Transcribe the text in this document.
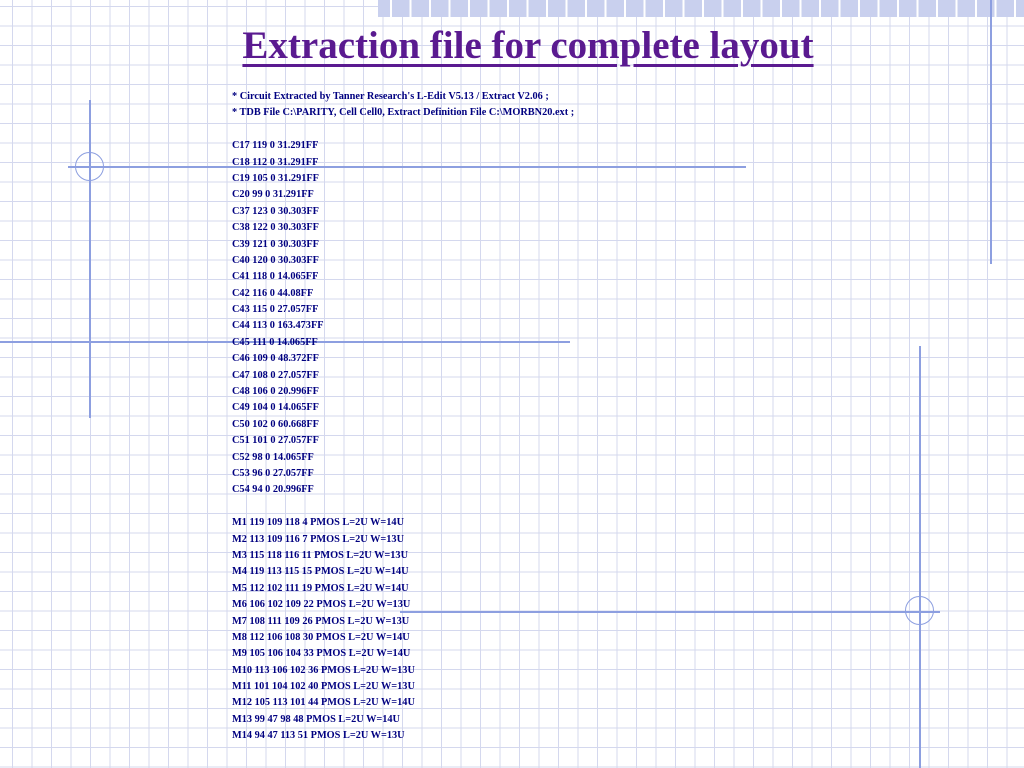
Extraction file for complete layout
* Circuit Extracted by Tanner Research's L-Edit V5.13 / Extract V2.06 ;
* TDB File C:\PARITY, Cell Cell0, Extract Definition File C:\MORBN20.ext ;
C17 119 0 31.291FF
C18 112 0 31.291FF
C19 105 0 31.291FF
C20 99 0 31.291FF
C37 123 0 30.303FF
C38 122 0 30.303FF
C39 121 0 30.303FF
C40 120 0 30.303FF
C41 118 0 14.065FF
C42 116 0 44.08FF
C43 115 0 27.057FF
C44 113 0 163.473FF
C45 111 0 14.065FF
C46 109 0 48.372FF
C47 108 0 27.057FF
C48 106 0 20.996FF
C49 104 0 14.065FF
C50 102 0 60.668FF
C51 101 0 27.057FF
C52 98 0 14.065FF
C53 96 0 27.057FF
C54 94 0 20.996FF
M1 119 109 118 4 PMOS L=2U W=14U
M2 113 109 116 7 PMOS L=2U W=13U
M3 115 118 116 11 PMOS L=2U W=13U
M4 119 113 115 15 PMOS L=2U W=14U
M5 112 102 111 19 PMOS L=2U W=14U
M6 106 102 109 22 PMOS L=2U W=13U
M7 108 111 109 26 PMOS L=2U W=13U
M8 112 106 108 30 PMOS L=2U W=14U
M9 105 106 104 33 PMOS L=2U W=14U
M10 113 106 102 36 PMOS L=2U W=13U
M11 101 104 102 40 PMOS L=2U W=13U
M12 105 113 101 44 PMOS L=2U W=14U
M13 99 47 98 48 PMOS L=2U W=14U
M14 94 47 113 51 PMOS L=2U W=13U
